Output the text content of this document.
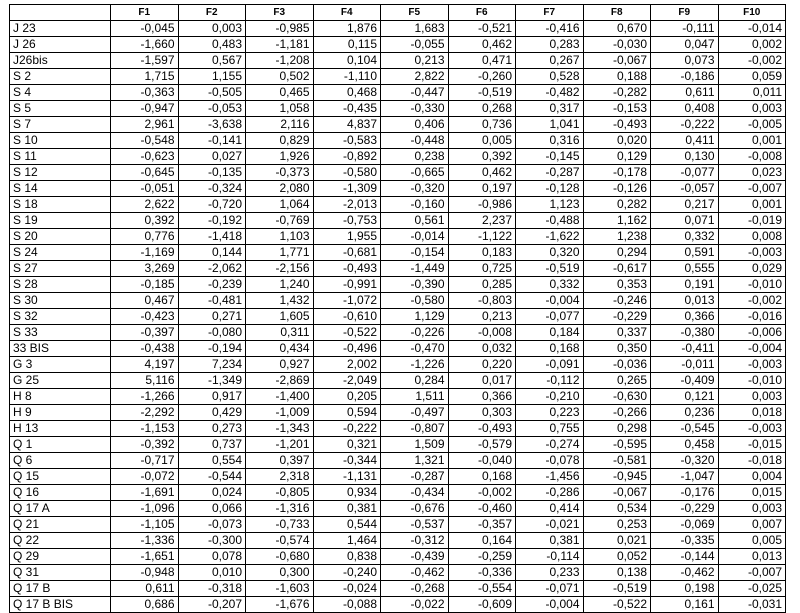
	F1	F2	F3	F4	F5	F6	F7	F8	F9	F10
J 23	-0,045	0,003	-0,985	1,876	1,683	-0,521	-0,416	0,670	-0,111	-0,014
J 26	-1,660	0,483	-1,181	0,115	-0,055	0,462	0,283	-0,030	0,047	0,002
J26bis	-1,597	0,567	-1,208	0,104	0,213	0,471	0,267	-0,067	0,073	-0,002
S 2	1,715	1,155	0,502	-1,110	2,822	-0,260	0,528	0,188	-0,186	0,059
S 4	-0,363	-0,505	0,465	0,468	-0,447	-0,519	-0,482	-0,282	0,611	0,011
S 5	-0,947	-0,053	1,058	-0,435	-0,330	0,268	0,317	-0,153	0,408	0,003
S 7	2,961	-3,638	2,116	4,837	0,406	0,736	1,041	-0,493	-0,222	-0,005
S 10	-0,548	-0,141	0,829	-0,583	-0,448	0,005	0,316	0,020	0,411	0,001
S 11	-0,623	0,027	1,926	-0,892	0,238	0,392	-0,145	0,129	0,130	-0,008
S 12	-0,645	-0,135	-0,373	-0,580	-0,665	0,462	-0,287	-0,178	-0,077	0,023
S 14	-0,051	-0,324	2,080	-1,309	-0,320	0,197	-0,128	-0,126	-0,057	-0,007
S 18	2,622	-0,720	1,064	-2,013	-0,160	-0,986	1,123	0,282	0,217	0,001
S 19	0,392	-0,192	-0,769	-0,753	0,561	2,237	-0,488	1,162	0,071	-0,019
S 20	0,776	-1,418	1,103	1,955	-0,014	-1,122	-1,622	1,238	0,332	0,008
S 24	-1,169	0,144	1,771	-0,681	-0,154	0,183	0,320	0,294	0,591	-0,003
S 27	3,269	-2,062	-2,156	-0,493	-1,449	0,725	-0,519	-0,617	0,555	0,029
S 28	-0,185	-0,239	1,240	-0,991	-0,390	0,285	0,332	0,353	0,191	-0,010
S 30	0,467	-0,481	1,432	-1,072	-0,580	-0,803	-0,004	-0,246	0,013	-0,002
S 32	-0,423	0,271	1,605	-0,610	1,129	0,213	-0,077	-0,229	0,366	-0,016
S 33	-0,397	-0,080	0,311	-0,522	-0,226	-0,008	0,184	0,337	-0,380	-0,006
33 BIS	-0,438	-0,194	0,434	-0,496	-0,470	0,032	0,168	0,350	-0,411	-0,004
G 3	4,197	7,234	0,927	2,002	-1,226	0,220	-0,091	-0,036	-0,011	-0,003
G 25	5,116	-1,349	-2,869	-2,049	0,284	0,017	-0,112	0,265	-0,409	-0,010
H 8	-1,266	0,917	-1,400	0,205	1,511	0,366	-0,210	-0,630	0,121	0,003
H 9	-2,292	0,429	-1,009	0,594	-0,497	0,303	0,223	-0,266	0,236	0,018
H 13	-1,153	0,273	-1,343	-0,222	-0,807	-0,493	0,755	0,298	-0,545	-0,003
Q 1	-0,392	0,737	-1,201	0,321	1,509	-0,579	-0,274	-0,595	0,458	-0,015
Q 6	-0,717	0,554	0,397	-0,344	1,321	-0,040	-0,078	-0,581	-0,320	-0,018
Q 15	-0,072	-0,544	2,318	-1,131	-0,287	0,168	-1,456	-0,945	-1,047	0,004
Q 16	-1,691	0,024	-0,805	0,934	-0,434	-0,002	-0,286	-0,067	-0,176	0,015
Q 17 A	-1,096	0,066	-1,316	0,381	-0,676	-0,460	0,414	0,534	-0,229	0,003
Q 21	-1,105	-0,073	-0,733	0,544	-0,537	-0,357	-0,021	0,253	-0,069	0,007
Q 22	-1,336	-0,300	-0,574	1,464	-0,312	0,164	0,381	0,021	-0,335	0,005
Q 29	-1,651	0,078	-0,680	0,838	-0,439	-0,259	-0,114	0,052	-0,144	0,013
Q 31	-0,948	0,010	0,300	-0,240	-0,462	-0,336	0,233	0,138	-0,462	-0,007
Q 17 B	0,611	-0,318	-1,603	-0,024	-0,268	-0,554	-0,071	-0,519	0,198	-0,025
Q 17 B BIS	0,686	-0,207	-1,676	-0,088	-0,022	-0,609	-0,004	-0,522	0,161	-0,031
